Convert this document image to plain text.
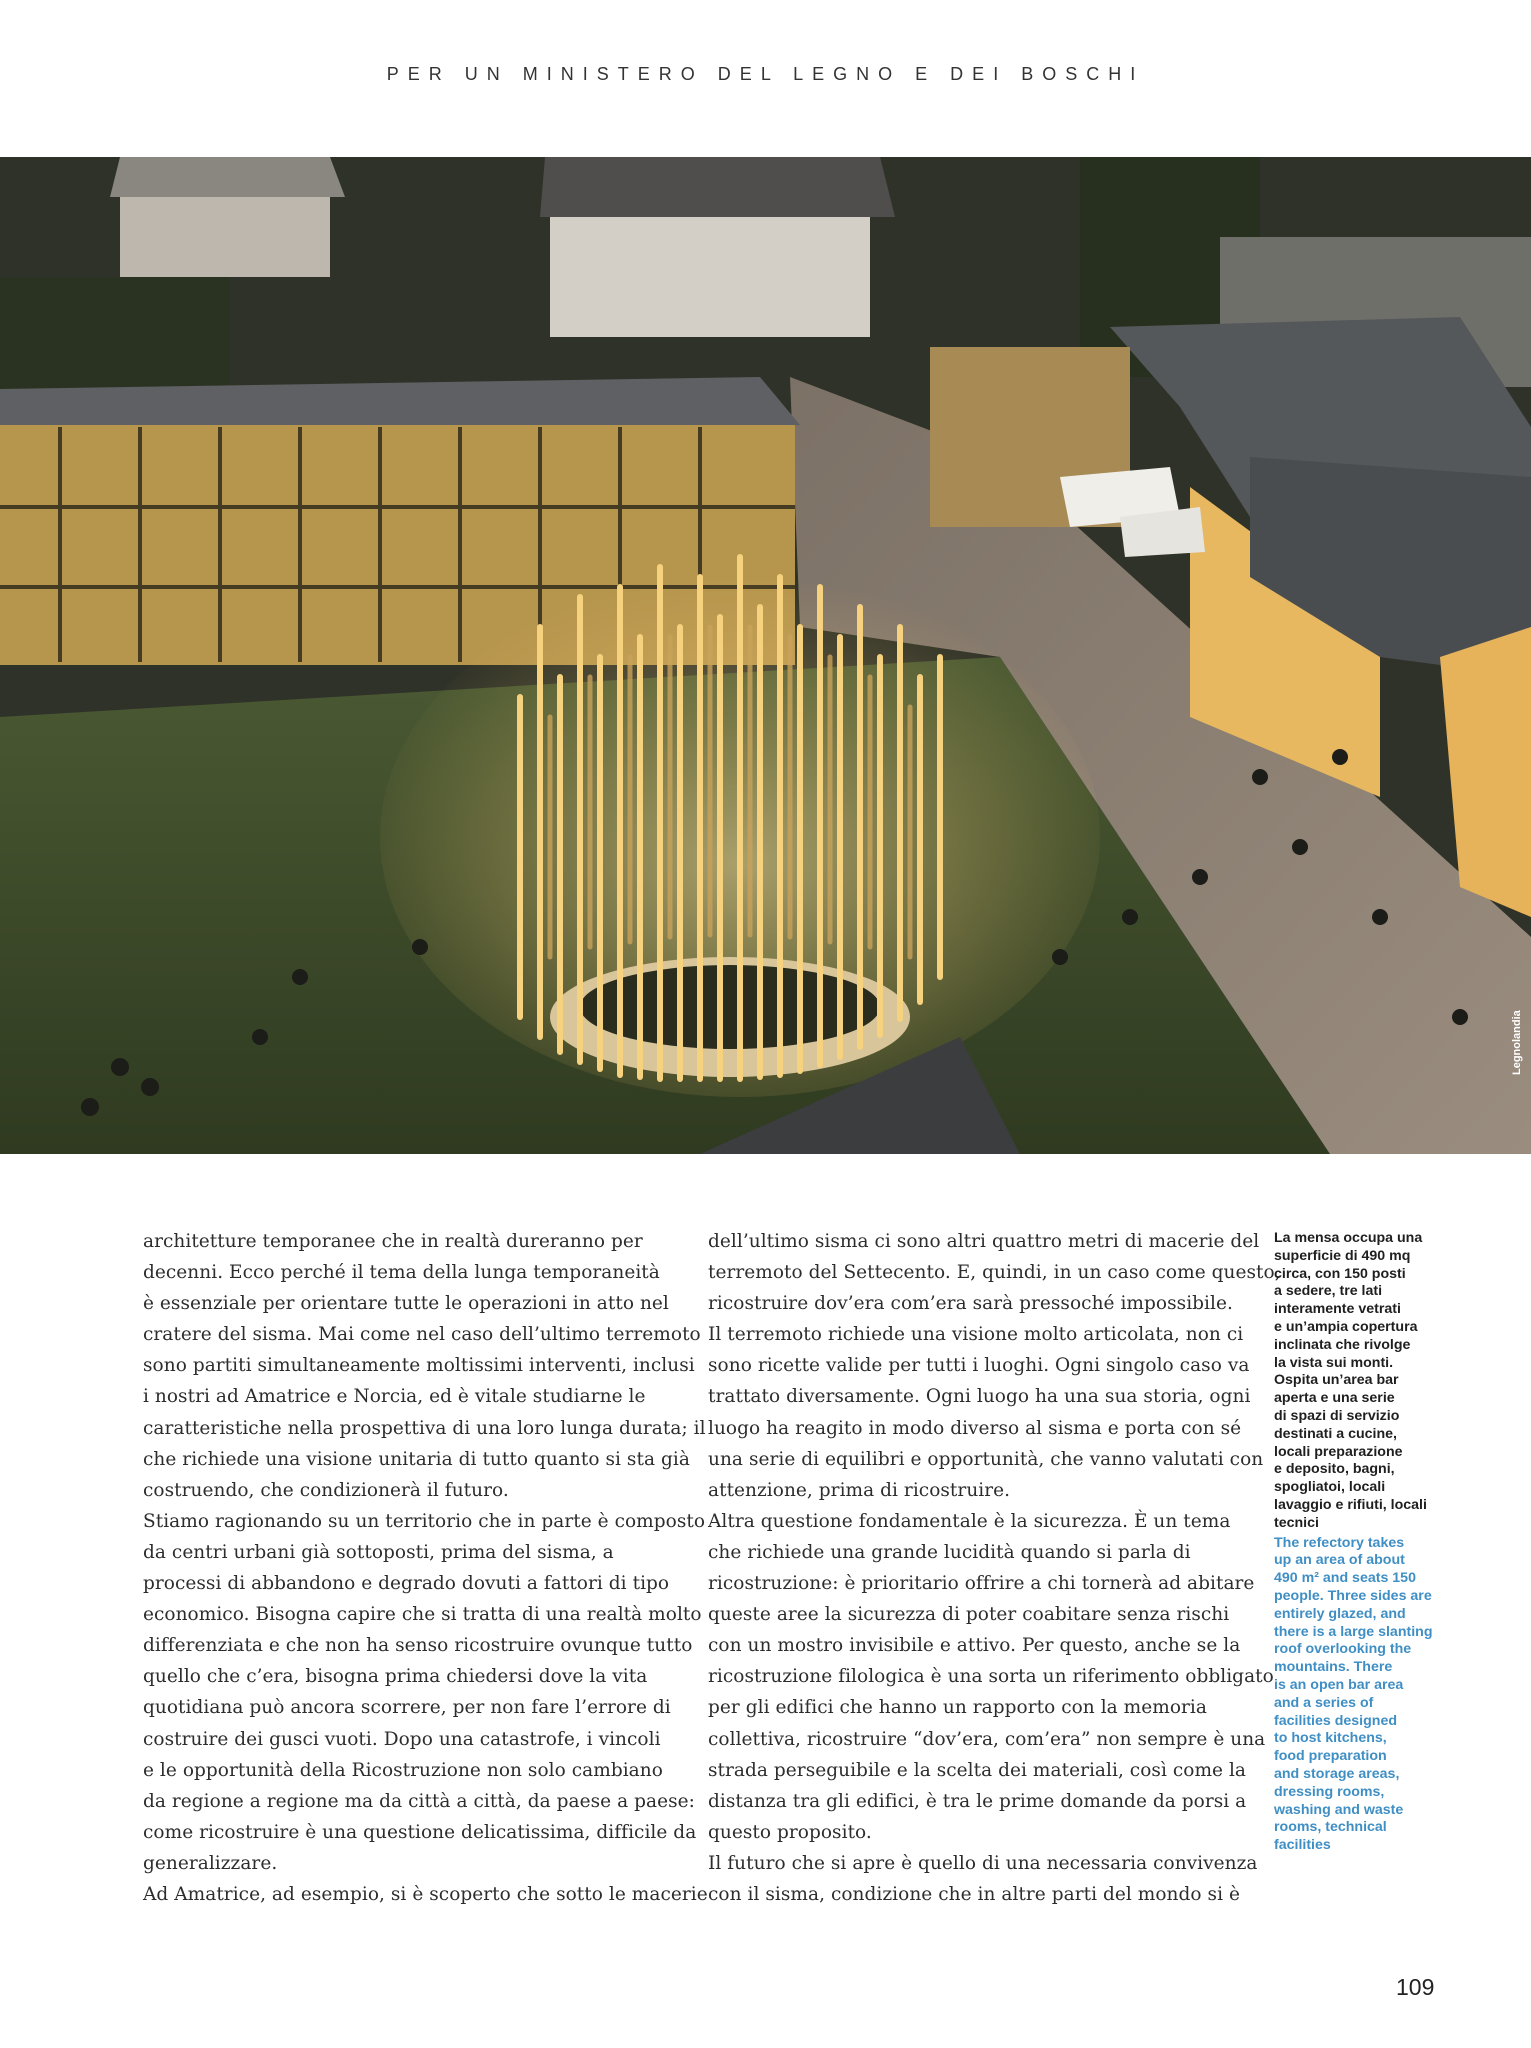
PER UN MINISTERO DEL LEGNO E DEI BOSCHI
Legnolandia
architetture temporanee che in realtà dureranno per
decenni. Ecco perché il tema della lunga temporaneità
è essenziale per orientare tutte le operazioni in atto nel
cratere del sisma. Mai come nel caso dell’ultimo terremoto
sono partiti simultaneamente moltissimi interventi, inclusi
i nostri ad Amatrice e Norcia, ed è vitale studiarne le
caratteristiche nella prospettiva di una loro lunga durata; il
che richiede una visione unitaria di tutto quanto si sta già
costruendo, che condizionerà il futuro.
Stiamo ragionando su un territorio che in parte è composto
da centri urbani già sottoposti, prima del sisma, a
processi di abbandono e degrado dovuti a fattori di tipo
economico. Bisogna capire che si tratta di una realtà molto
differenziata e che non ha senso ricostruire ovunque tutto
quello che c’era, bisogna prima chiedersi dove la vita
quotidiana può ancora scorrere, per non fare l’errore di
costruire dei gusci vuoti. Dopo una catastrofe, i vincoli
e le opportunità della Ricostruzione non solo cambiano
da regione a regione ma da città a città, da paese a paese:
come ricostruire è una questione delicatissima, difficile da
generalizzare.
Ad Amatrice, ad esempio, si è scoperto che sotto le macerie
dell’ultimo sisma ci sono altri quattro metri di macerie del
terremoto del Settecento. E, quindi, in un caso come questo,
ricostruire dov’era com’era sarà pressoché impossibile.
Il terremoto richiede una visione molto articolata, non ci
sono ricette valide per tutti i luoghi. Ogni singolo caso va
trattato diversamente. Ogni luogo ha una sua storia, ogni
luogo ha reagito in modo diverso al sisma e porta con sé
una serie di equilibri e opportunità, che vanno valutati con
attenzione, prima di ricostruire.
Altra questione fondamentale è la sicurezza. È un tema
che richiede una grande lucidità quando si parla di
ricostruzione: è prioritario offrire a chi tornerà ad abitare
queste aree la sicurezza di poter coabitare senza rischi
con un mostro invisibile e attivo. Per questo, anche se la
ricostruzione filologica è una sorta un riferimento obbligato
per gli edifici che hanno un rapporto con la memoria
collettiva, ricostruire “dov’era, com’era” non sempre è una
strada perseguibile e la scelta dei materiali, così come la
distanza tra gli edifici, è tra le prime domande da porsi a
questo proposito.
Il futuro che si apre è quello di una necessaria convivenza
con il sisma, condizione che in altre parti del mondo si è
La mensa occupa una
superficie di 490 mq
circa, con 150 posti
a sedere, tre lati
interamente vetrati
e un’ampia copertura
inclinata che rivolge
la vista sui monti.
Ospita un’area bar
aperta e una serie
di spazi di servizio
destinati a cucine,
locali preparazione
e deposito, bagni,
spogliatoi, locali
lavaggio e rifiuti, locali
tecnici
The refectory takes
up an area of about
490 m² and seats 150
people. Three sides are
entirely glazed, and
there is a large slanting
roof overlooking the
mountains. There
is an open bar area
and a series of
facilities designed
to host kitchens,
food preparation
and storage areas,
dressing rooms,
washing and waste
rooms, technical
facilities
109
